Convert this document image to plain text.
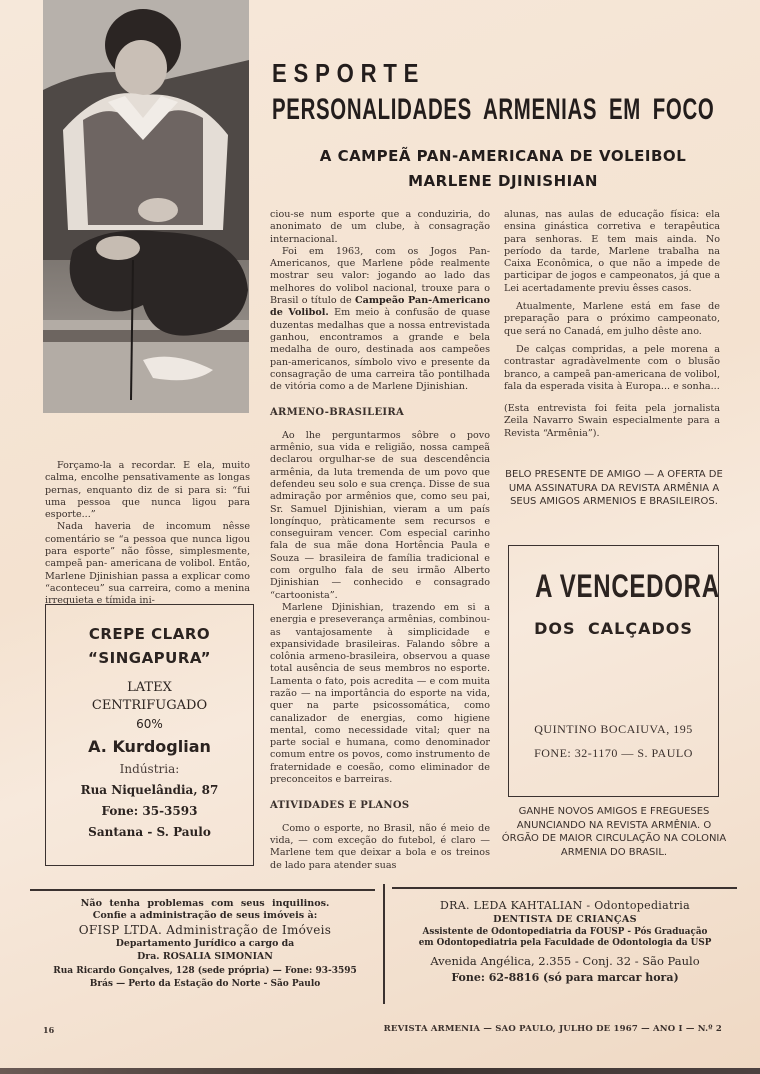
ESPORTE
PERSONALIDADES ARMENIAS EM FOCO
A CAMPEÃ PAN-AMERICANA DE VOLEIBOL
MARLENE DJINISHIAN

Forçamo-la a recordar. E ela, muito calma, encolhe pensativamente as longas pernas, enquanto diz de si para si: “fui uma pessoa que nunca ligou para esporte...”

Nada haveria de incomum nêsse comentário se “a pessoa que nunca ligou para esporte” não fôsse, simplesmente, campeã pan- americana de volibol. Então, Marlene Djinishian passa a explicar como “aconteceu” sua carreira, como a menina irrequieta e tímida ini-

CREPE CLARO
“SINGAPURA”
LATEX
CENTRIFUGADO
60%
A. Kurdoglian
Indústria:
Rua Niquelândia, 87
Fone: 35-3593
Santana - S. Paulo

ciou-se num esporte que a conduziria, do anonimato de um clube, à consagração internacional.

Foi em 1963, com os Jogos Pan-Americanos, que Marlene pôde realmente mostrar seu valor: jogando ao lado das melhores do volibol nacional, trouxe para o Brasil o título de Campeão Pan-Americano de Volibol. Em meio à confusão de quase duzentas medalhas que a nossa entrevistada ganhou, encontramos a grande e bela medalha de ouro, destinada aos campeões pan-americanos, símbolo vivo e presente da consagração de uma carreira tão pontilhada de vitória como a de Marlene Djinishian.

ARMENO-BRASILEIRA

Ao lhe perguntarmos sôbre o povo armênio, sua vida e religião, nossa campeã declarou orgulhar-se de sua descendência armênia, da luta tremenda de um povo que defendeu seu solo e sua crença. Disse de sua admiração por armênios que, como seu pai, Sr. Samuel Djinishian, vieram a um país longínquo, pràticamente sem recursos e conseguiram vencer. Com especial carinho fala de sua mãe dona Hortência Paula e Souza — brasileira de família tradicional e com orgulho fala de seu irmão Alberto Djinishian — conhecido e consagrado “cartoonista”.

Marlene Djinishian, trazendo em si a energia e preseverança armênias, combinou-as vantajosamente à simplicidade e expansividade brasileiras. Falando sôbre a colônia armeno-brasileira, observou a quase total ausência de seus membros no esporte. Lamenta o fato, pois acredita — e com muita razão — na importância do esporte na vida, quer na parte psicossomática, como canalizador de energias, como higiene mental, como necessidade vital; quer na parte social e humana, como denominador comum entre os povos, como instrumento de fraternidade e coesão, como eliminador de preconceitos e barreiras.

ATIVIDADES E PLANOS

Como o esporte, no Brasil, não é meio de vida, — com exceção do futebol, é claro — Marlene tem que deixar a bola e os treinos de lado para atender suas

alunas, nas aulas de educação física: ela ensina ginástica corretiva e terapêutica para senhoras. E tem mais ainda. No período da tarde, Marlene trabalha na Caixa Econômica, o que não a impede de participar de jogos e campeonatos, já que a Lei acertadamente previu êsses casos.

Atualmente, Marlene está em fase de preparação para o próximo campeonato, que será no Canadá, em julho dêste ano.

De calças compridas, a pele morena a contrastar agradàvelmente com o blusão branco, a campeã pan-americana de volibol, fala da esperada visita à Europa... e sonha...

(Esta entrevista foi feita pela jornalista Zeila Navarro Swain especialmente para a Revista “Armênia”).

BELO PRESENTE DE AMIGO — A OFERTA DE UMA ASSINATURA DA REVISTA ARMÊNIA A SEUS AMIGOS ARMENIOS E BRASILEIROS.
A VENCEDORA
DOS CALÇADOS
QUINTINO BOCAIUVA, 195
FONE: 32-1170 — S. PAULO
GANHE NOVOS AMIGOS E FREGUESES ANUNCIANDO NA REVISTA ARMÊNIA. O ÓRGÃO DE MAIOR CIRCULAÇÃO NA COLONIA ARMENIA DO BRASIL.
Não tenha problemas com seus inquilinos.
Confie a administração de seus imóveis à:
OFISP LTDA. Administração de Imóveis
Departamento Jurídico a cargo da
Dra. ROSALIA SIMONIAN
Rua Ricardo Gonçalves, 128 (sede própria) — Fone: 93-3595
Brás — Perto da Estação do Norte - São Paulo
DRA. LEDA KAHTALIAN - Odontopediatria
DENTISTA DE CRIANÇAS
Assistente de Odontopediatria da FOUSP - Pós Graduação
em Odontopediatria pela Faculdade de Odontologia da USP
Avenida Angélica, 2.355 - Conj. 32 - São Paulo
Fone: 62-8816 (só para marcar hora)
16	REVISTA ARMENIA — SAO PAULO, JULHO DE 1967 — ANO I — N.º 2
